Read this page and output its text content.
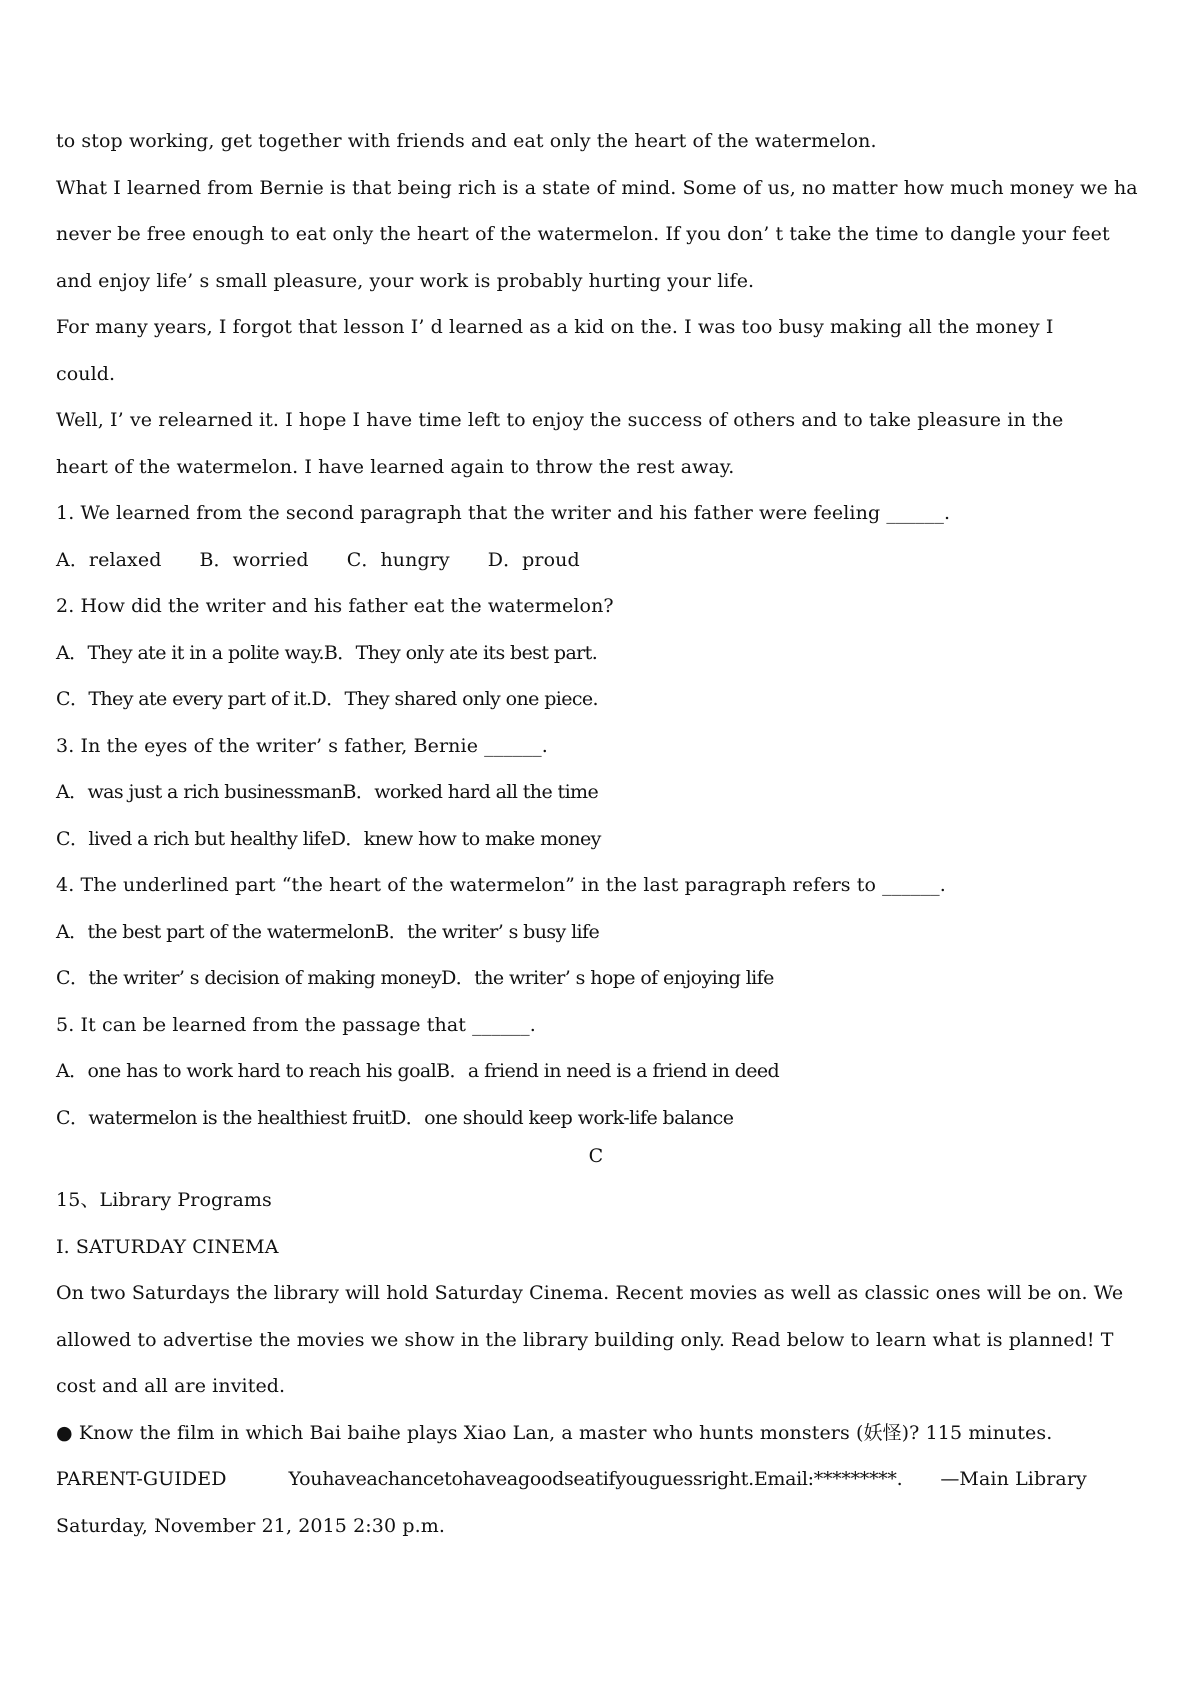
to stop working, get together with friends and eat only the heart of the watermelon.
What I learned from Bernie is that being rich is a state of mind. Some of us, no matter how much money we ha
never be free enough to eat only the heart of the watermelon. If you don’ t take the time to dangle your feet
and enjoy life’ s small pleasure, your work is probably hurting your life.
For many years, I forgot that lesson I’ d learned as a kid on the. I was too busy making all the money I
could.
Well, I’ ve relearned it. I hope I have time left to enjoy the success of others and to take pleasure in the
heart of the watermelon. I have learned again to throw the rest away.
1. We learned from the second paragraph that the writer and his father were feeling ______.
A．relaxed B．worried C．hungry D．proud
2. How did the writer and his father eat the watermelon?
A．They ate it in a polite way. B．They only ate its best part.
C．They ate every part of it. D．They shared only one piece.
3. In the eyes of the writer’ s father, Bernie ______.
A．was just a rich businessman B．worked hard all the time
C．lived a rich but healthy life D．knew how to make money
4. The underlined part “the heart of the watermelon” in the last paragraph refers to ______.
A．the best part of the watermelon B．the writer’ s busy life
C．the writer’ s decision of making money D．the writer’ s hope of enjoying life
5. It can be learned from the passage that ______.
A．one has to work hard to reach his goal B．a friend in need is a friend in deed
C．watermelon is the healthiest fruit D．one should keep work-life balance
C
15、Library Programs
I. SATURDAY CINEMA
On two Saturdays the library will hold Saturday Cinema. Recent movies as well as classic ones will be on. We
allowed to advertise the movies we show in the library building only. Read below to learn what is planned! T
cost and all are invited.
● Know the film in which Bai baihe plays Xiao Lan, a master who hunts monsters (妖怪)? 115 minutes.
PARENT-GUIDED	Youhaveachancetohaveagoodseatifyouguessright.Email:*********. —Main Library
Saturday, November 21, 2015 2:30 p.m.
